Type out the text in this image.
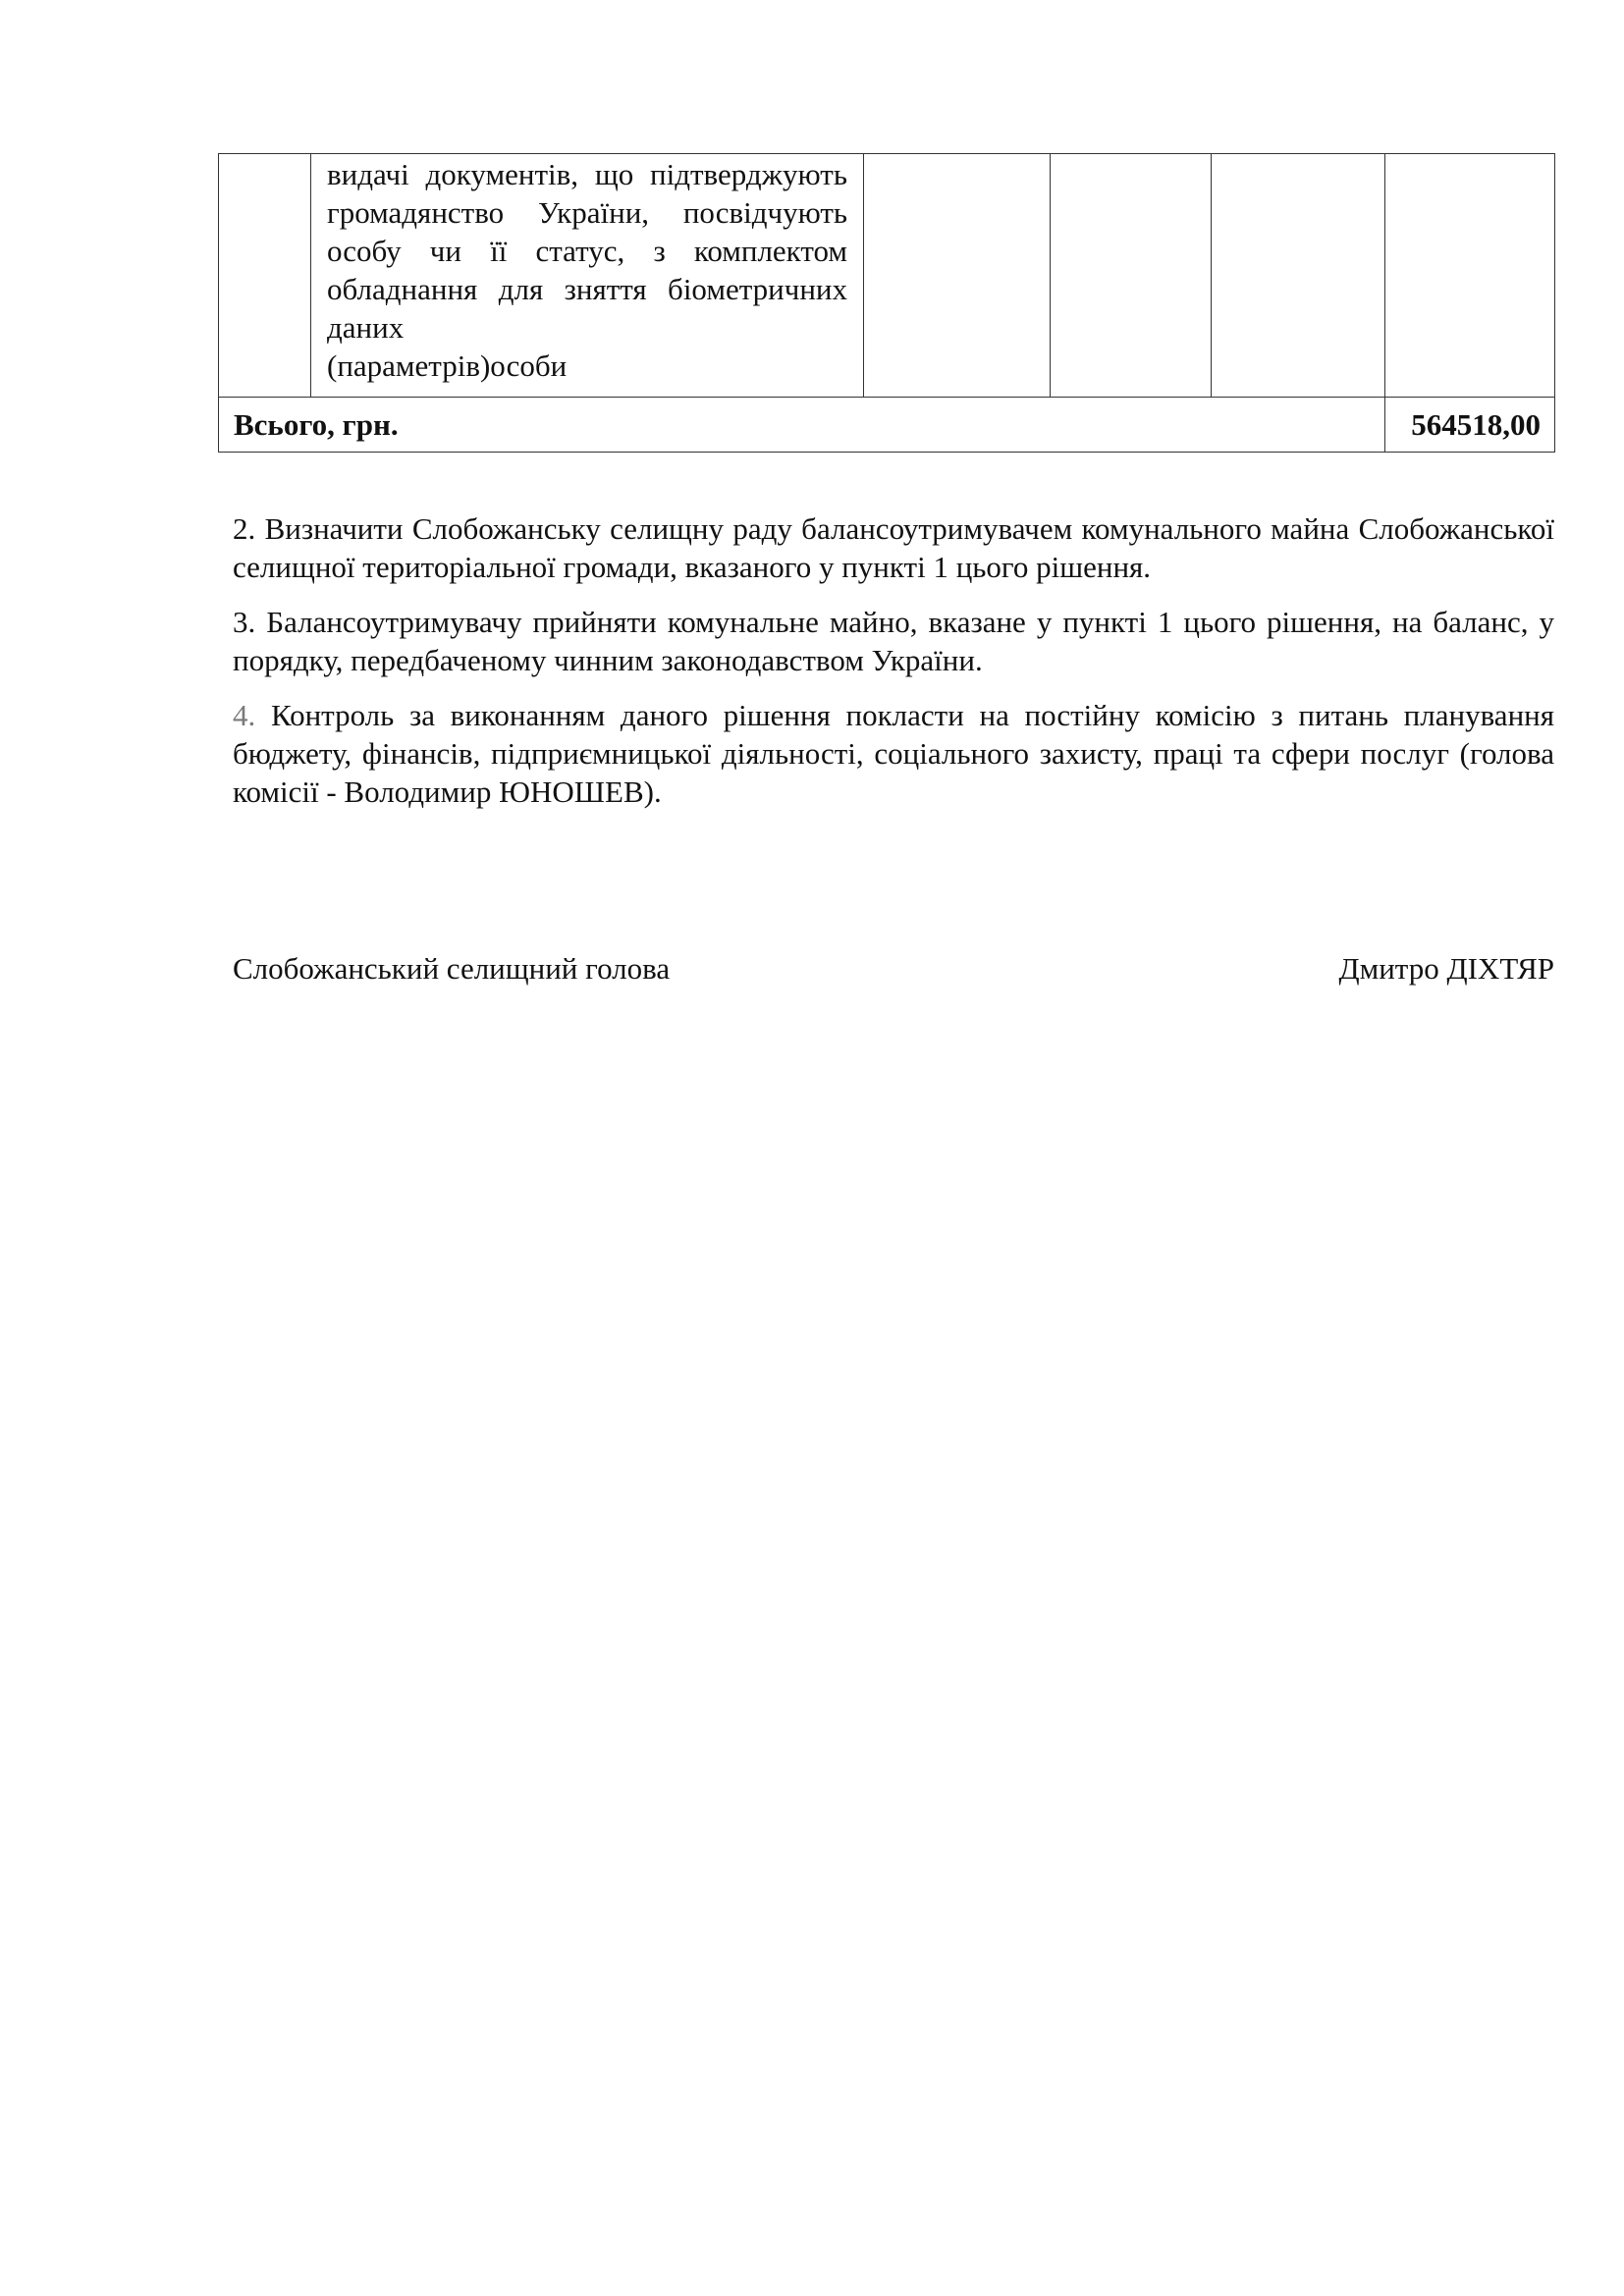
	видачі документів, що підтверджують громадянство України, посвідчують особу чи її статус, з комплектом обладнання для зняття біометричних даних
(параметрів)особи				

Всього, грн.					564518,00
2. Визначити Слобожанську селищну раду балансоутримувачем комунального майна Слобожанської селищної територіальної громади, вказаного у пункті 1 цього рішення.
3. Балансоутримувачу прийняти комунальне майно, вказане у пункті 1 цього рішення, на баланс, у порядку, передбаченому чинним законодавством України.
4. Контроль за виконанням даного рішення покласти на постійну комісію з питань планування бюджету, фінансів, підприємницької діяльності, соціального захисту, праці та сфери послуг (голова комісії - Володимир ЮНОШЕВ).
Слобожанський селищний голова	Дмитро ДІХТЯР
